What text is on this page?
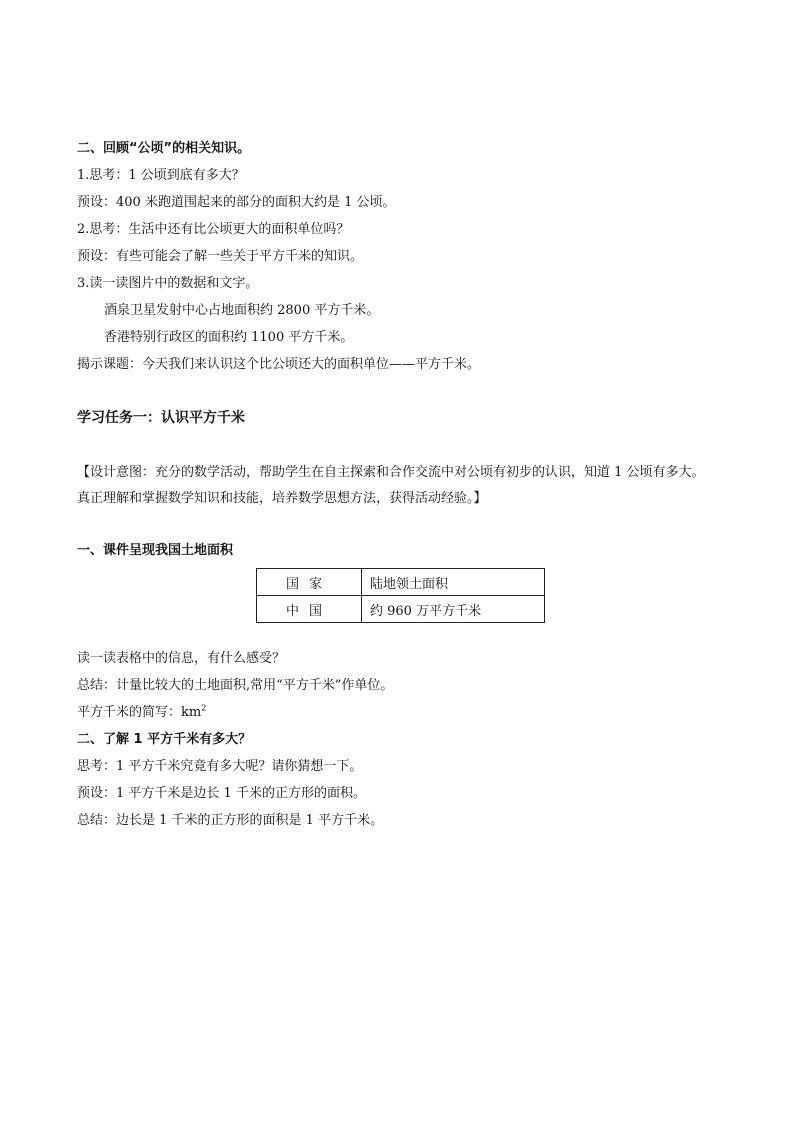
二、回顾“公顷”的相关知识。
1.思考：1 公顷到底有多大？
预设：400 米跑道围起来的部分的面积大约是 1 公顷。
2.思考：生活中还有比公顷更大的面积单位吗？
预设：有些可能会了解一些关于平方千米的知识。
3.读一读图片中的数据和文字。
酒泉卫星发射中心占地面积约 2800 平方千米。
香港特别行政区的面积约 1100 平方千米。
揭示课题：今天我们来认识这个比公顷还大的面积单位——平方千米。
学习任务一：认识平方千米
【设计意图：充分的数学活动，帮助学生在自主探索和合作交流中对公顷有初步的认识，知道 1 公顷有多大。真正理解和掌握数学知识和技能，培养数学思想方法，获得活动经验。】
一、课件呈现我国土地面积
国家	陆地领土面积
中国	约 960 万平方千米
读一读表格中的信息，有什么感受？
总结：计量比较大的土地面积,常用“平方千米”作单位。
平方千米的简写：$km^2$
二、了解 1 平方千米有多大？
思考：1 平方千米究竟有多大呢？请你猜想一下。
预设：1 平方千米是边长 1 千米的正方形的面积。
总结：边长是 1 千米的正方形的面积是 1 平方千米。
